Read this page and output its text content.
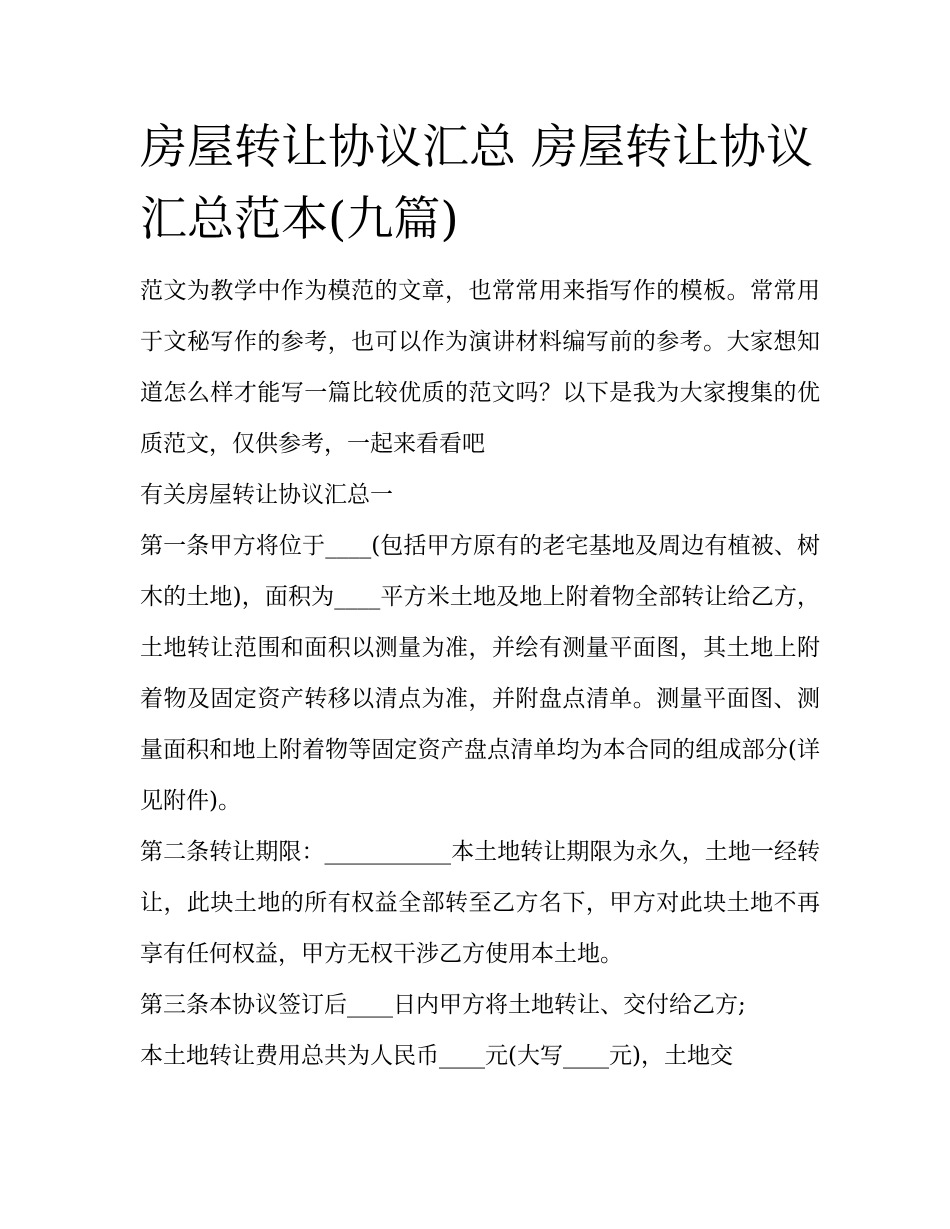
房屋转让协议汇总 房屋转让协议汇总范本(九篇)

范文为教学中作为模范的文章，也常常用来指写作的模板。常常用于文秘写作的参考，也可以作为演讲材料编写前的参考。大家想知道怎么样才能写一篇比较优质的范文吗？以下是我为大家搜集的优质范文，仅供参考，一起来看看吧

有关房屋转让协议汇总一

第一条甲方将位于____(包括甲方原有的老宅基地及周边有植被、树木的土地)，面积为____平方米土地及地上附着物全部转让给乙方，土地转让范围和面积以测量为准，并绘有测量平面图，其土地上附着物及固定资产转移以清点为准，并附盘点清单。测量平面图、测量面积和地上附着物等固定资产盘点清单均为本合同的组成部分(详见附件)。

第二条转让期限：___________本土地转让期限为永久，土地一经转让，此块土地的所有权益全部转至乙方名下，甲方对此块土地不再享有任何权益，甲方无权干涉乙方使用本土地。

第三条本协议签订后____日内甲方将土地转让、交付给乙方;

本土地转让费用总共为人民币____元(大写____元)，土地交
